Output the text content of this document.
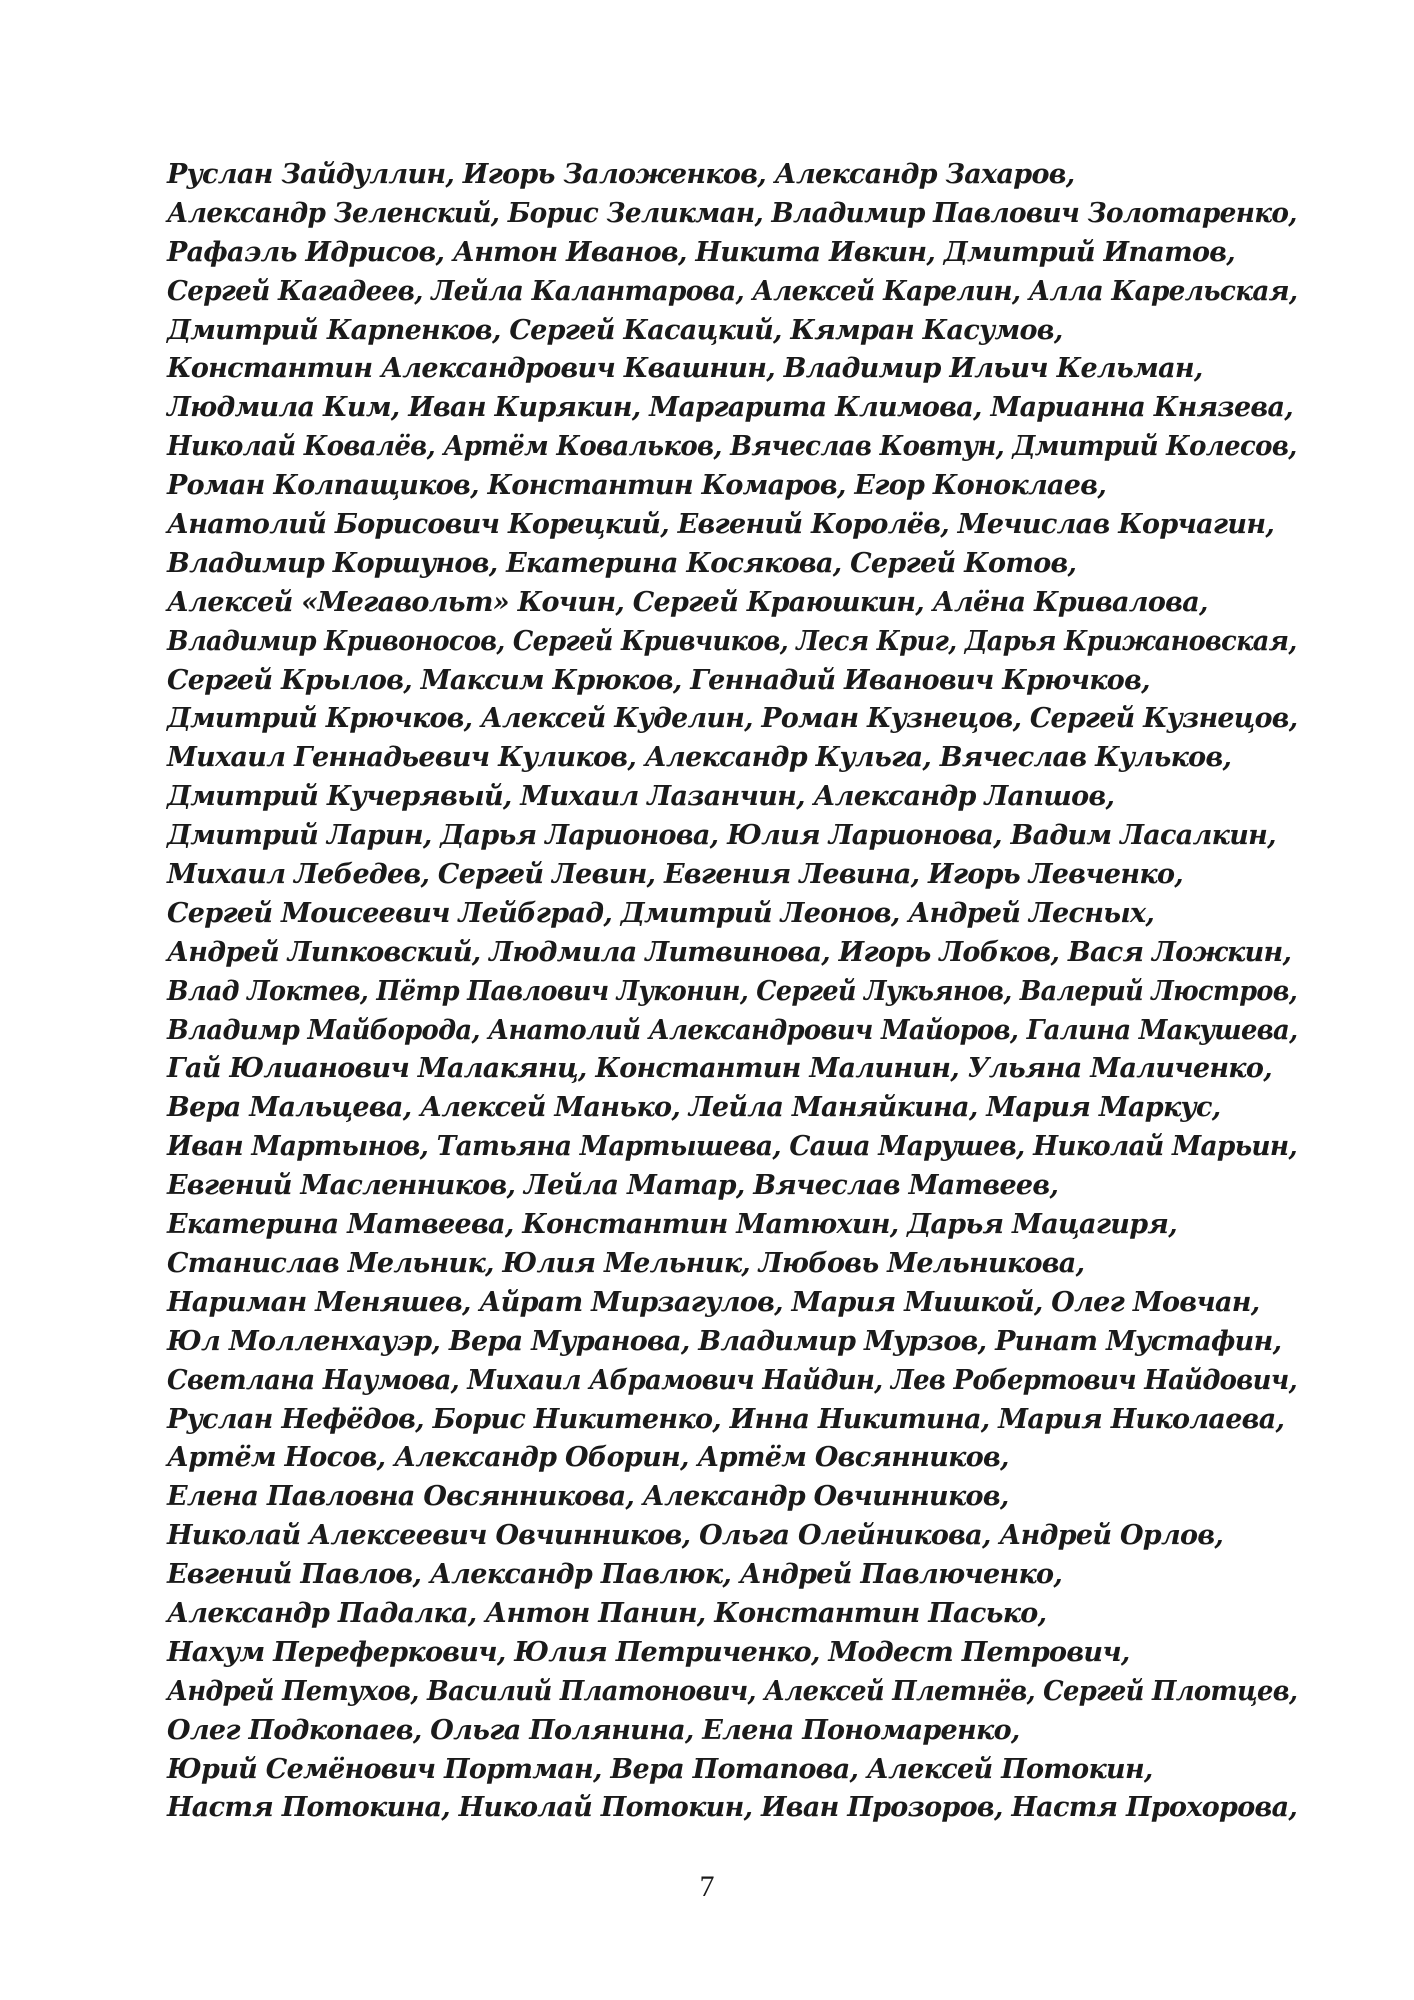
Руслан Зайдуллин, Игорь Заложенков, Александр Захаров,
Александр Зеленский, Борис Зеликман, Владимир Павлович Золотаренко,
Рафаэль Идрисов, Антон Иванов, Никита Ивкин, Дмитрий Ипатов,
Сергей Кагадеев, Лейла Калантарова, Алексей Карелин, Алла Карельская,
Дмитрий Карпенков, Сергей Касацкий, Кямран Касумов,
Константин Александрович Квашнин, Владимир Ильич Кельман,
Людмила Ким, Иван Кирякин, Маргарита Климова, Марианна Князева,
Николай Ковалёв, Артём Ковальков, Вячеслав Ковтун, Дмитрий Колесов,
Роман Колпащиков, Константин Комаров, Егор Коноклаев,
Анатолий Борисович Корецкий, Евгений Королёв, Мечислав Корчагин,
Владимир Коршунов, Екатерина Косякова, Сергей Котов,
Алексей «Мегавольт» Кочин, Сергей Краюшкин, Алёна Кривалова,
Владимир Кривоносов, Сергей Кривчиков, Леся Криг, Дарья Крижановская,
Сергей Крылов, Максим Крюков, Геннадий Иванович Крючков,
Дмитрий Крючков, Алексей Куделин, Роман Кузнецов, Сергей Кузнецов,
Михаил Геннадьевич Куликов, Александр Кульга, Вячеслав Кульков,
Дмитрий Кучерявый, Михаил Лазанчин, Александр Лапшов,
Дмитрий Ларин, Дарья Ларионова, Юлия Ларионова, Вадим Ласалкин,
Михаил Лебедев, Сергей Левин, Евгения Левина, Игорь Левченко,
Сергей Моисеевич Лейбград, Дмитрий Леонов, Андрей Лесных,
Андрей Липковский, Людмила Литвинова, Игорь Лобков, Вася Ложкин,
Влад Локтев, Пётр Павлович Луконин, Сергей Лукьянов, Валерий Люстров,
Владимр Майборода, Анатолий Александрович Майоров, Галина Макушева,
Гай Юлианович Малакянц, Константин Малинин, Ульяна Маличенко,
Вера Мальцева, Алексей Манько, Лейла Маняйкина, Мария Маркус,
Иван Мартынов, Татьяна Мартышева, Саша Марушев, Николай Марьин,
Евгений Масленников, Лейла Матар, Вячеслав Матвеев,
Екатерина Матвеева, Константин Матюхин, Дарья Мацагиря,
Станислав Мельник, Юлия Мельник, Любовь Мельникова,
Нариман Меняшев, Айрат Мирзагулов, Мария Мишкой, Олег Мовчан,
Юл Молленхауэр, Вера Муранова, Владимир Мурзов, Ринат Мустафин,
Светлана Наумова, Михаил Абрамович Найдин, Лев Робертович Найдович,
Руслан Нефёдов, Борис Никитенко, Инна Никитина, Мария Николаева,
Артём Носов, Александр Оборин, Артём Овсянников,
Елена Павловна Овсянникова, Александр Овчинников,
Николай Алексеевич Овчинников, Ольга Олейникова, Андрей Орлов,
Евгений Павлов, Александр Павлюк, Андрей Павлюченко,
Александр Падалка, Антон Панин, Константин Пасько,
Нахум Переферкович, Юлия Петриченко, Модест Петрович,
Андрей Петухов, Василий Платонович, Алексей Плетнёв, Сергей Плотцев,
Олег Подкопаев, Ольга Полянина, Елена Пономаренко,
Юрий Семёнович Портман, Вера Потапова, Алексей Потокин,
Настя Потокина, Николай Потокин, Иван Прозоров, Настя Прохорова,
7
